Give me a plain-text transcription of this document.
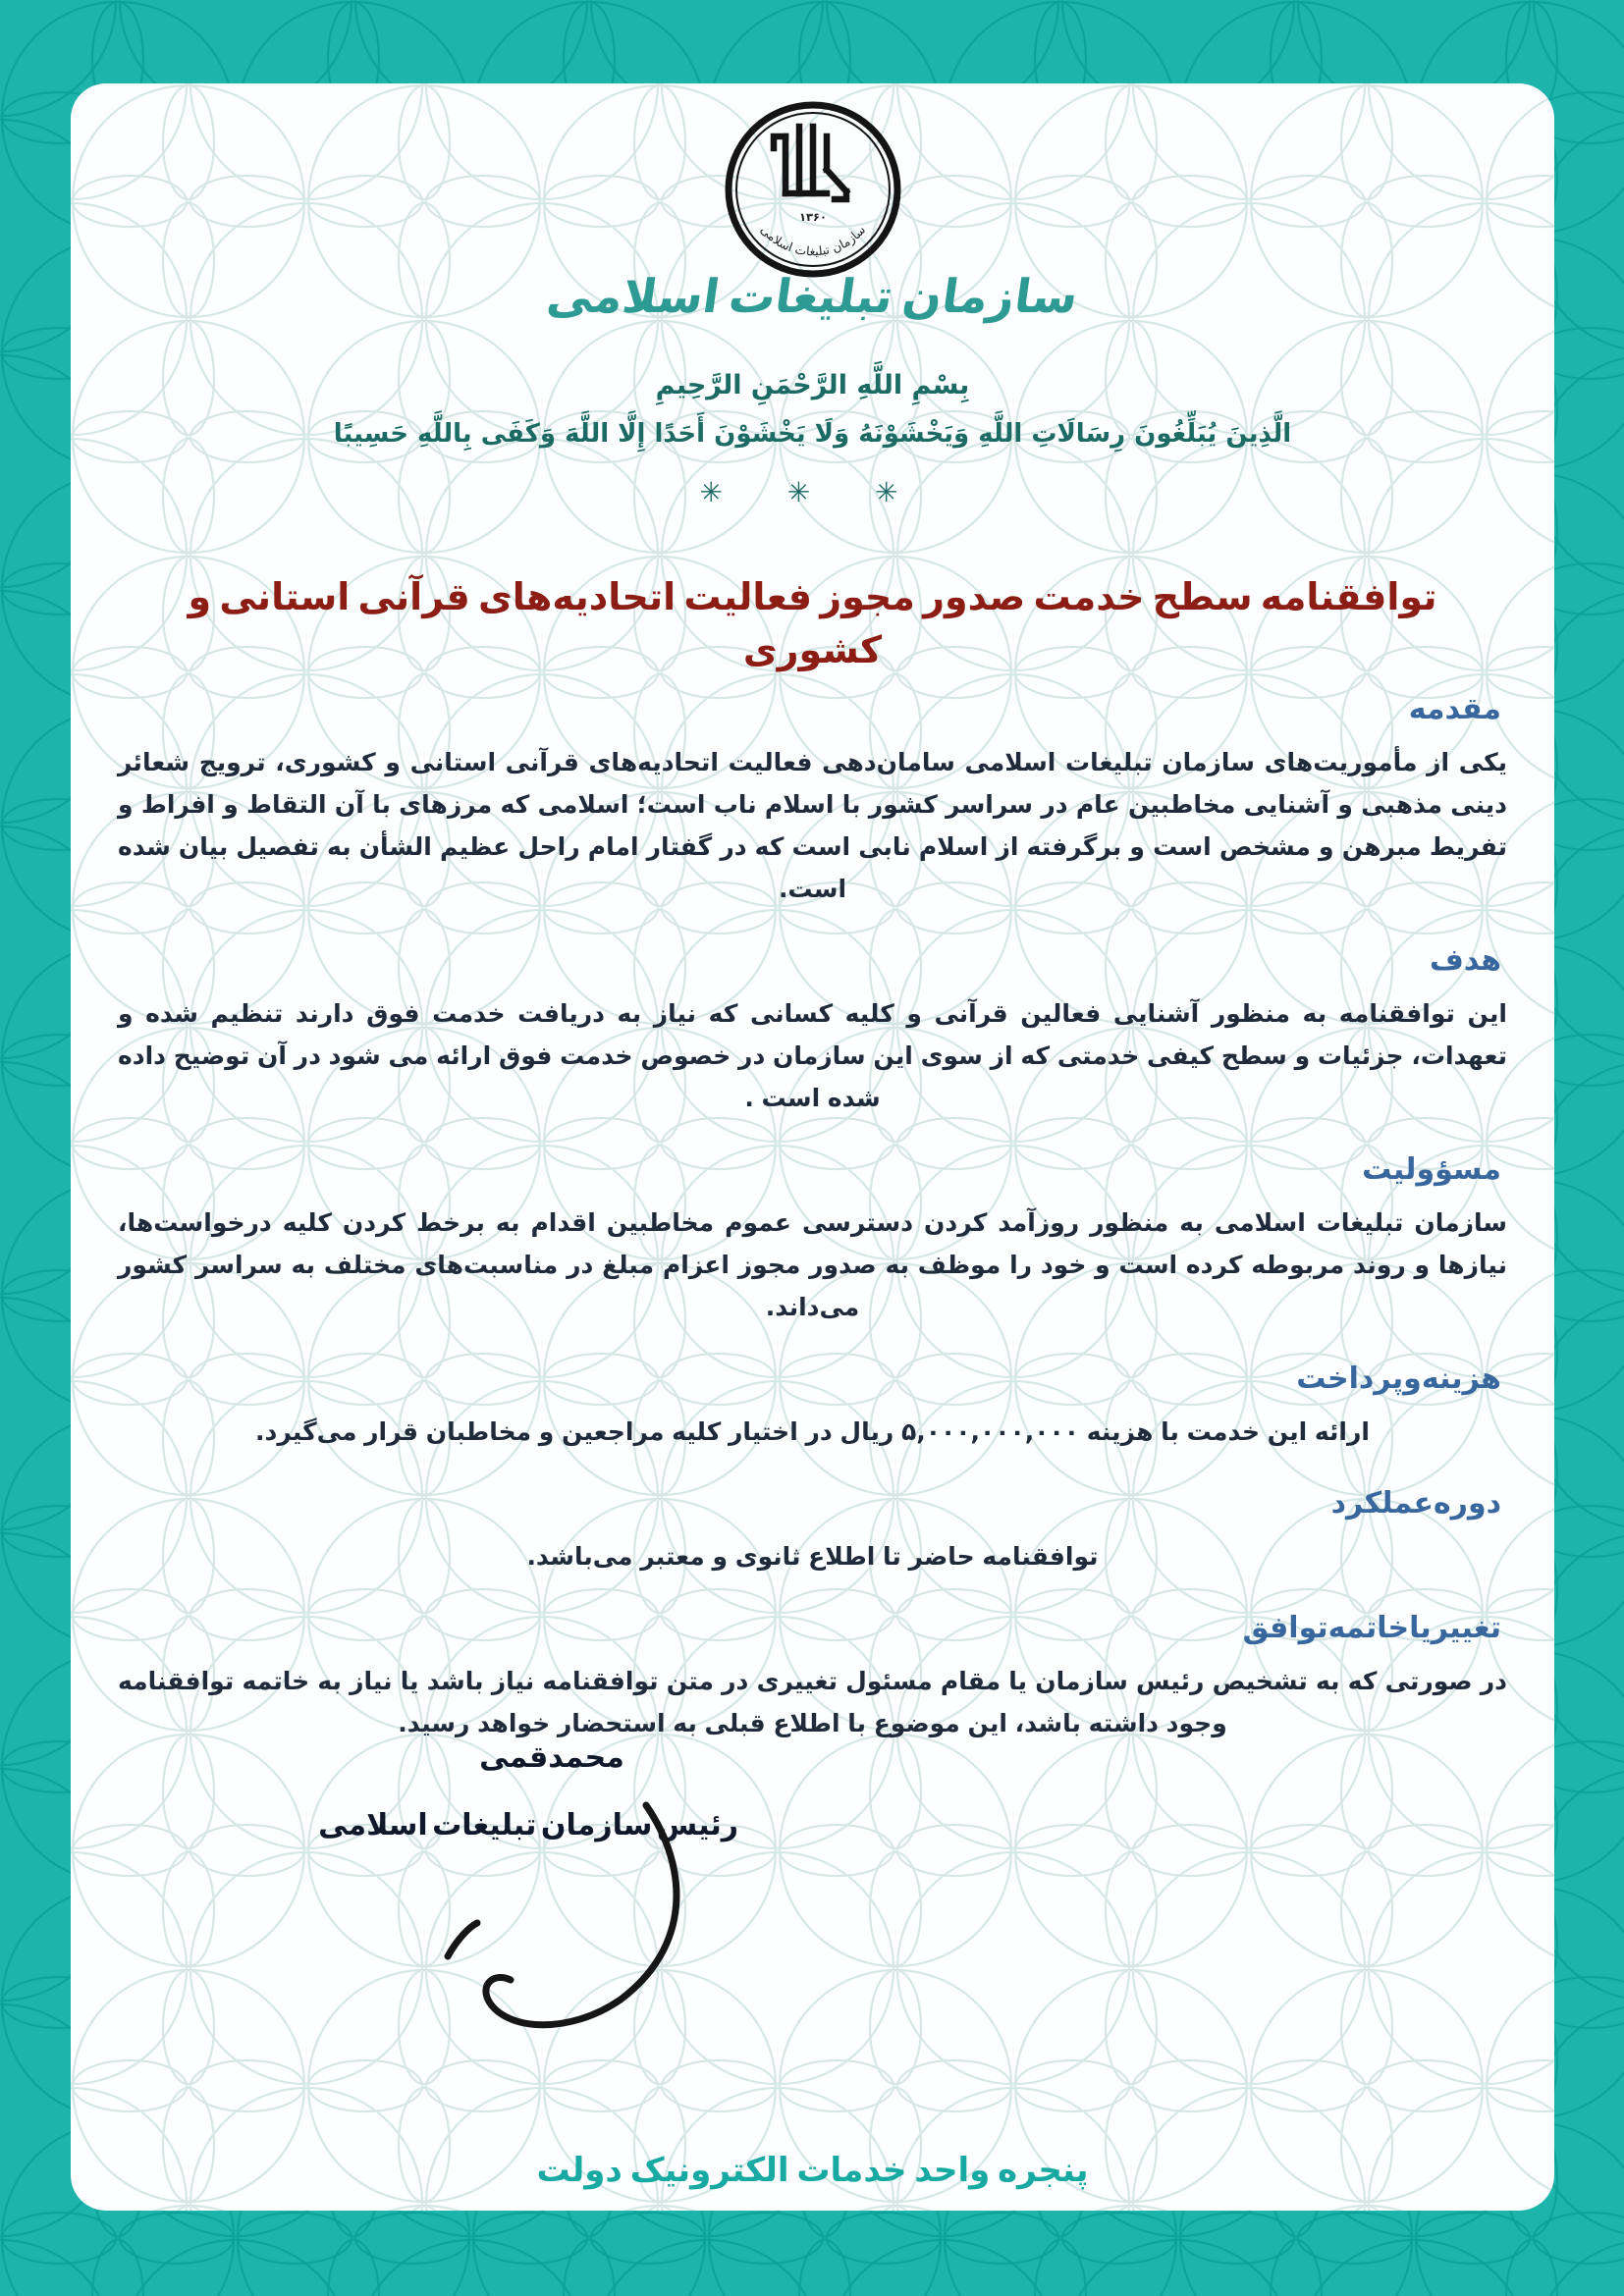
۱۳۶۰
سازمان تبلیغات اسلامی
سازمان تبلیغات اسلامی
بِسْمِ اللَّهِ الرَّحْمَنِ الرَّحِيمِ
الَّذِينَ يُبَلِّغُونَ رِسَالَاتِ اللَّهِ وَيَخْشَوْنَهُ وَلَا يَخْشَوْنَ أَحَدًا إِلَّا اللَّهَ وَكَفَى بِاللَّهِ حَسِيبًا
✳ ✳ ✳
توافقنامه سطح خدمت صدور مجوز فعالیت اتحادیه‌های قرآنی استانی و کشوری
مقدمه

یکی از مأموریت‌های سازمان تبلیغات اسلامی سامان‌دهی فعالیت اتحادیه‌های قرآنی استانی و کشوری، ترویج شعائر دینی مذهبی و آشنایی مخاطبین عام در سراسر کشور با اسلام ناب است؛ اسلامی که مرزهای با آن التقاط و افراط و تفریط مبرهن و مشخص است و برگرفته از اسلام نابی است که در گفتار امام راحل عظیم الشأن به تفصیل بیان شده است.

هدف

این توافقنامه به منظور آشنایی فعالین قرآنی و کلیه کسانی که نیاز به دریافت خدمت فوق دارند تنظیم شده و تعهدات، جزئیات و سطح کیفی خدمتی که از سوی این سازمان در خصوص خدمت فوق ارائه می شود در آن توضیح داده شده است .

مسؤولیت

سازمان تبلیغات اسلامی به منظور روزآمد کردن دسترسی عموم مخاطبین اقدام به برخط کردن کلیه درخواست‌ها، نیازها و روند مربوطه کرده است و خود را موظف به صدور مجوز اعزام مبلغ در مناسبت‌های مختلف به سراسر کشور می‌داند.

هزینه‌وپرداخت

ارائه این خدمت با هزینه ۵,۰۰۰,۰۰۰,۰۰۰ ریال در اختیار کلیه مراجعین و مخاطبان قرار می‌گیرد.

دوره‌عملکرد

توافقنامه حاضر تا اطلاع ثانوی و معتبر می‌باشد.

تغییریاخاتمه‌توافق

در صورتی که به تشخیص رئیس سازمان یا مقام مسئول تغییری در متن توافقنامه نیاز باشد یا نیاز به خاتمه توافقنامه وجود داشته باشد، این موضوع با اطلاع قبلی به استحضار خواهد رسید.

محمدقمی

رئیس سازمان تبلیغات اسلامی

پنجره واحد خدمات الکترونیک دولت
